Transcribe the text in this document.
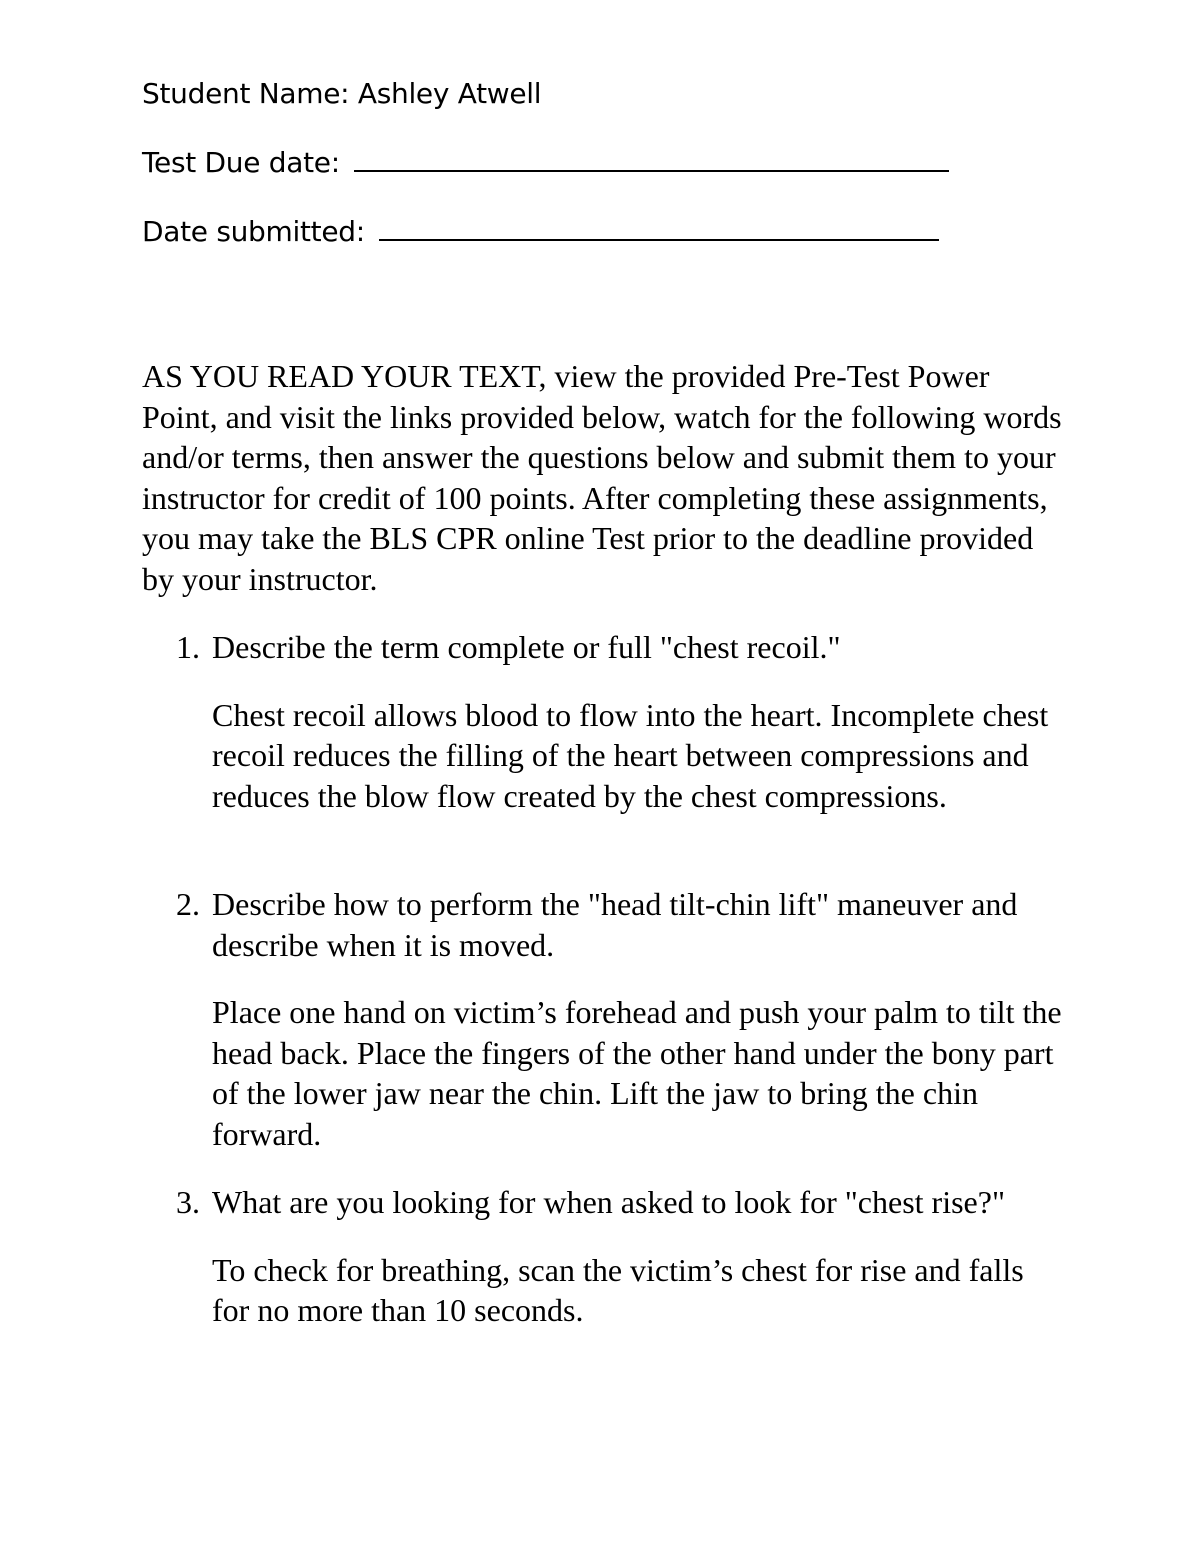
Student Name: Ashley Atwell
Test Due date:
Date submitted:

AS YOU READ YOUR TEXT, view the provided Pre-Test Power Point, and visit the links provided below, watch for the following words and/or terms, then answer the questions below and submit them to your instructor for credit of 100 points. After completing these assignments, you may take the BLS CPR online Test prior to the deadline provided by your instructor.

1. Describe the term complete or full "chest recoil."

Chest recoil allows blood to flow into the heart. Incomplete chest recoil reduces the filling of the heart between compressions and reduces the blow flow created by the chest compressions.

2. Describe how to perform the "head tilt-chin lift" maneuver and describe when it is moved.

Place one hand on victim’s forehead and push your palm to tilt the head back. Place the fingers of the other hand under the bony part of the lower jaw near the chin. Lift the jaw to bring the chin forward.

3. What are you looking for when asked to look for "chest rise?"

To check for breathing, scan the victim’s chest for rise and falls for no more than 10 seconds.
